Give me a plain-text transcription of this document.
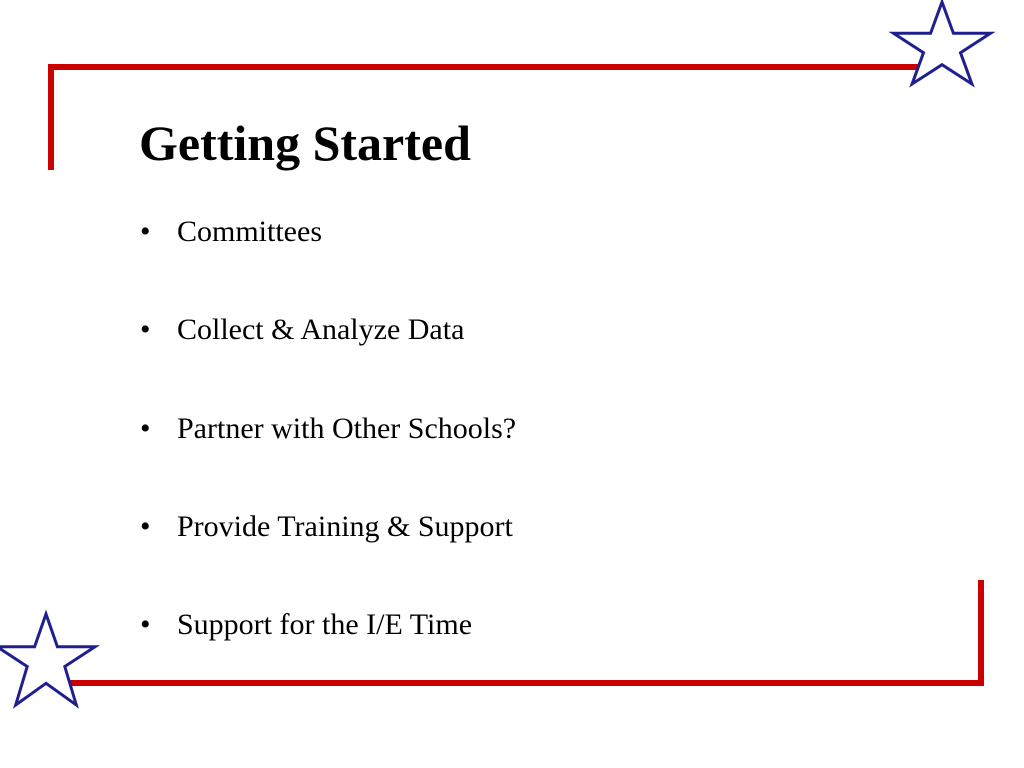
Getting Started
• Committees
• Collect & Analyze Data
• Partner with Other Schools?
• Provide Training & Support
• Support for the I/E Time
